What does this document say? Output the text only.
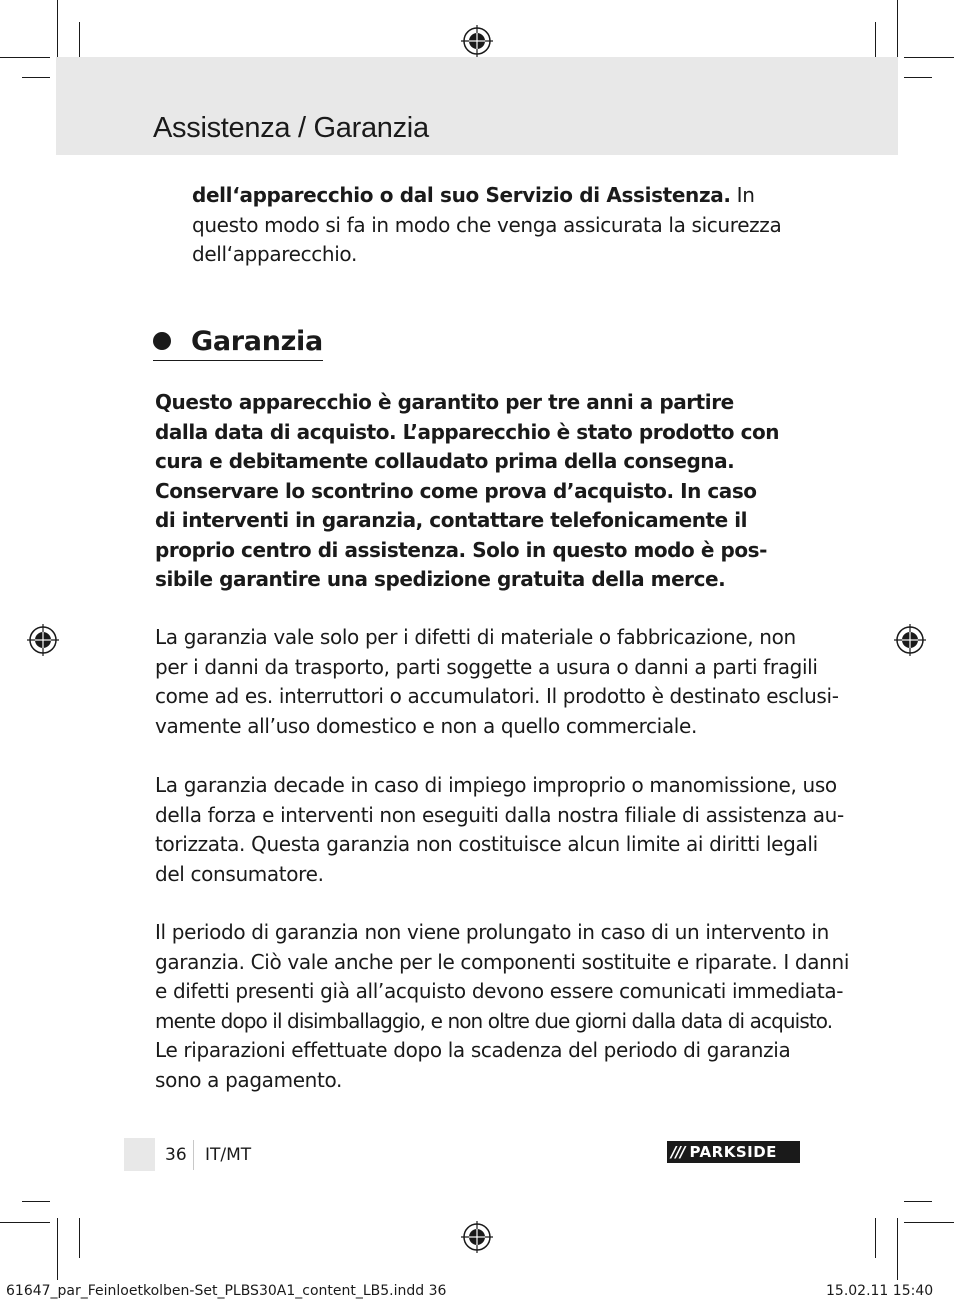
Assistenza / Garanzia

dell‘apparecchio o dal suo Servizio di Assistenza. In

questo modo si fa in modo che venga assicurata la sicurezza

dell‘apparecchio.

Garanzia

Questo apparecchio è garantito per tre anni a partire

dalla data di acquisto. L’apparecchio è stato prodotto con

cura e debitamente collaudato prima della consegna.

Conservare lo scontrino come prova d’acquisto. In caso

di interventi in garanzia, contattare telefonicamente il

proprio centro di assistenza. Solo in questo modo è pos-

sibile garantire una spedizione gratuita della merce.

La garanzia vale solo per i difetti di materiale o fabbricazione, non

per i danni da trasporto, parti soggette a usura o danni a parti fragili

come ad es. interruttori o accumulatori. Il prodotto è destinato esclusi-

vamente all’uso domestico e non a quello commerciale.

La garanzia decade in caso di impiego improprio o manomissione, uso

della forza e interventi non eseguiti dalla nostra filiale di assistenza au-

torizzata. Questa garanzia non costituisce alcun limite ai diritti legali

del consumatore.

Il periodo di garanzia non viene prolungato in caso di un intervento in

garanzia. Ciò vale anche per le componenti sostituite e riparate. I danni

e difetti presenti già all’acquisto devono essere comunicati immediata-

mente dopo il disimballaggio, e non oltre due giorni dalla data di acquisto.

Le riparazioni effettuate dopo la scadenza del periodo di garanzia

sono a pagamento.

36 IT/MT	/// PARKSIDE
61647_par_Feinloetkolben-Set_PLBS30A1_content_LB5.indd 36	15.02.11 15:40
